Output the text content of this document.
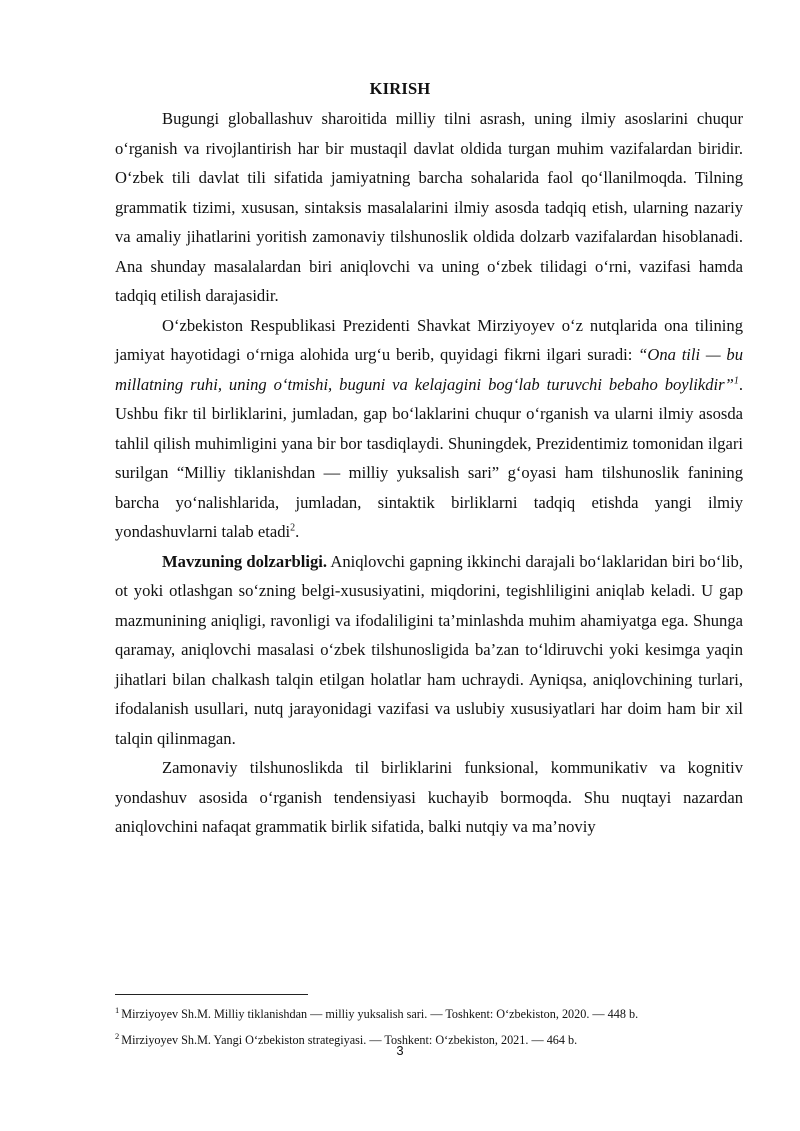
KIRISH

Bugungi globallashuv sharoitida milliy tilni asrash, uning ilmiy asoslarini chuqur o‘rganish va rivojlantirish har bir mustaqil davlat oldida turgan muhim vazifalardan biridir. O‘zbek tili davlat tili sifatida jamiyatning barcha sohalarida faol qo‘llanilmoqda. Tilning grammatik tizimi, xususan, sintaksis masalalarini ilmiy asosda tadqiq etish, ularning nazariy va amaliy jihatlarini yoritish zamonaviy tilshunoslik oldida dolzarb vazifalardan hisoblanadi. Ana shunday masalalardan biri aniqlovchi va uning o‘zbek tilidagi o‘rni, vazifasi hamda tadqiq etilish darajasidir.

O‘zbekiston Respublikasi Prezidenti Shavkat Mirziyoyev o‘z nutqlarida ona tilining jamiyat hayotidagi o‘rniga alohida urg‘u berib, quyidagi fikrni ilgari suradi: “Ona tili — bu millatning ruhi, uning o‘tmishi, buguni va kelajagini bog‘lab turuvchi bebaho boylikdir”$^1$. Ushbu fikr til birliklarini, jumladan, gap bo‘laklarini chuqur o‘rganish va ularni ilmiy asosda tahlil qilish muhimligini yana bir bor tasdiqlaydi. Shuningdek, Prezidentimiz tomonidan ilgari surilgan “Milliy tiklanishdan — milliy yuksalish sari” g‘oyasi ham tilshunoslik fanining barcha yo‘nalishlarida, jumladan, sintaktik birliklarni tadqiq etishda yangi ilmiy yondashuvlarni talab etadi$^2$.

Mavzuning dolzarbligi. Aniqlovchi gapning ikkinchi darajali bo‘laklaridan biri bo‘lib, ot yoki otlashgan so‘zning belgi-xususiyatini, miqdorini, tegishliligini aniqlab keladi. U gap mazmunining aniqligi, ravonligi va ifodaliligini ta’minlashda muhim ahamiyatga ega. Shunga qaramay, aniqlovchi masalasi o‘zbek tilshunosligida ba’zan to‘ldiruvchi yoki kesimga yaqin jihatlari bilan chalkash talqin etilgan holatlar ham uchraydi. Ayniqsa, aniqlovchining turlari, ifodalanish usullari, nutq jarayonidagi vazifasi va uslubiy xususiyatlari har doim ham bir xil talqin qilinmagan.

Zamonaviy tilshunoslikda til birliklarini funksional, kommunikativ va kognitiv yondashuv asosida o‘rganish tendensiyasi kuchayib bormoqda. Shu nuqtayi nazardan aniqlovchini nafaqat grammatik birlik sifatida, balki nutqiy va ma’noviy

$^1$ Mirziyoyev Sh.M. Milliy tiklanishdan — milliy yuksalish sari. — Toshkent: O‘zbekiston, 2020. — 448 b.
$^2$ Mirziyoyev Sh.M. Yangi O‘zbekiston strategiyasi. — Toshkent: O‘zbekiston, 2021. — 464 b.
3
